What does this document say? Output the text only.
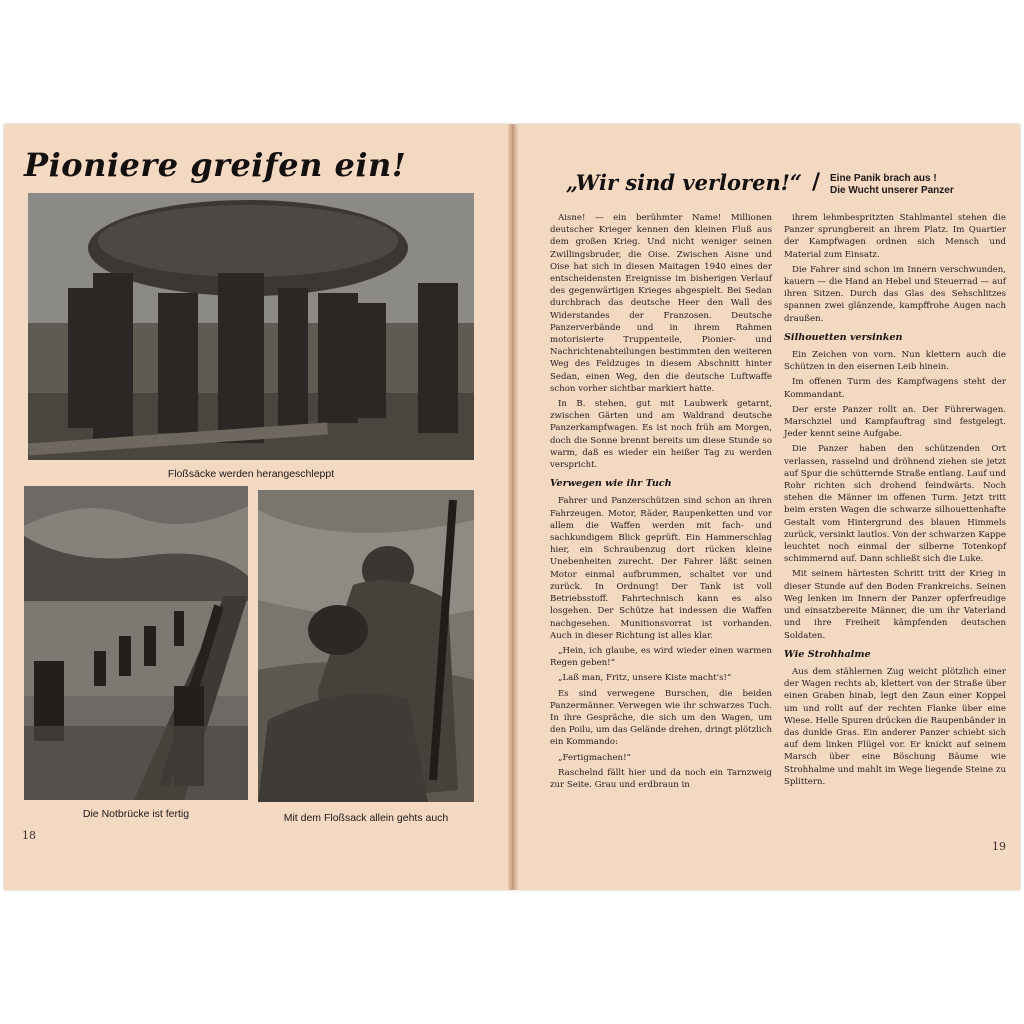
Pioniere greifen ein!
Floßsäcke werden herangeschleppt
Die Notbrücke ist fertig	Mit dem Floßsack allein gehts auch
18
„Wir sind verloren!“ / Eine Panik brach aus !
Die Wucht unserer Panzer

Aisne! — ein berühmter Name! Millionen deutscher Krieger kennen den kleinen Fluß aus dem großen Krieg. Und nicht weniger seinen Zwillingsbruder, die Oise. Zwischen Aisne und Oise hat sich in diesen Maitagen 1940 eines der entscheidensten Ereignisse im bisherigen Verlauf des gegenwärtigen Krieges abgespielt. Bei Sedan durchbrach das deutsche Heer den Wall des Widerstandes der Franzosen. Deutsche Panzerverbände und in ihrem Rahmen motorisierte Truppenteile, Pionier- und Nachrichtenabteilungen bestimmten den weiteren Weg des Feldzuges in diesem Abschnitt hinter Sedan, einen Weg, den die deutsche Luftwaffe schon vorher sichtbar markiert hatte.

In B. stehen, gut mit Laubwerk getarnt, zwischen Gärten und am Waldrand deutsche Panzerkampfwagen. Es ist noch früh am Morgen, doch die Sonne brennt bereits um diese Stunde so warm, daß es wieder ein heißer Tag zu werden verspricht.

Verwegen wie ihr Tuch

Fahrer und Panzerschützen sind schon an ihren Fahrzeugen. Motor, Räder, Raupenketten und vor allem die Waffen werden mit fach- und sachkundigem Blick geprüft. Ein Hammerschlag hier, ein Schraubenzug dort rücken kleine Unebenheiten zurecht. Der Fahrer läßt seinen Motor einmal aufbrummen, schaltet vor und zurück. In Ordnung! Der Tank ist voll Betriebsstoff. Fahrtechnisch kann es also losgehen. Der Schütze hat indessen die Waffen nachgesehen. Munitionsvorrat ist vorhanden. Auch in dieser Richtung ist alles klar.

„Hein, ich glaube, es wird wieder einen warmen Regen geben!“

„Laß man, Fritz, unsere Kiste macht's!“

Es sind verwegene Burschen, die beiden Panzermänner. Verwegen wie ihr schwarzes Tuch. In ihre Gespräche, die sich um den Wagen, um den Poilu, um das Gelände drehen, dringt plötzlich ein Kommando:

„Fertigmachen!“

Raschelnd fällt hier und da noch ein Tarnzweig zur Seite. Grau und erdbraun in

ihrem lehmbespritzten Stahlmantel stehen die Panzer sprungbereit an ihrem Platz. Im Quartier der Kampfwagen ordnen sich Mensch und Material zum Einsatz.

Die Fahrer sind schon im Innern verschwunden, kauern — die Hand an Hebel und Steuerrad — auf ihren Sitzen. Durch das Glas des Sehschlitzes spannen zwei glänzende, kampffrohe Augen nach draußen.

Silhouetten versinken

Ein Zeichen von vorn. Nun klettern auch die Schützen in den eisernen Leib hinein.

Im offenen Turm des Kampfwagens steht der Kommandant.

Der erste Panzer rollt an. Der Führerwagen. Marschziel und Kampfauftrag sind festgelegt. Jeder kennt seine Aufgabe.

Die Panzer haben den schützenden Ort verlassen, rasselnd und dröhnend ziehen sie jetzt auf Spur die schütternde Straße entlang. Lauf und Rohr richten sich drohend feindwärts. Noch stehen die Männer im offenen Turm. Jetzt tritt beim ersten Wagen die schwarze silhouettenhafte Gestalt vom Hintergrund des blauen Himmels zurück, versinkt lautlos. Von der schwarzen Kappe leuchtet noch einmal der silberne Totenkopf schimmernd auf. Dann schließt sich die Luke.

Mit seinem härtesten Schritt tritt der Krieg in dieser Stunde auf den Boden Frankreichs. Seinen Weg lenken im Innern der Panzer opferfreudige und einsatzbereite Männer, die um ihr Vaterland und ihre Freiheit kämpfenden deutschen Soldaten.

Wie Strohhalme

Aus dem stählernen Zug weicht plötzlich einer der Wagen rechts ab, klettert von der Straße über einen Graben hinab, legt den Zaun einer Koppel um und rollt auf der rechten Flanke über eine Wiese. Helle Spuren drücken die Raupenbänder in das dunkle Gras. Ein anderer Panzer schiebt sich auf dem linken Flügel vor. Er knickt auf seinem Marsch über eine Böschung Bäume wie Strohhalme und mahlt im Wege liegende Steine zu Splittern.

19
